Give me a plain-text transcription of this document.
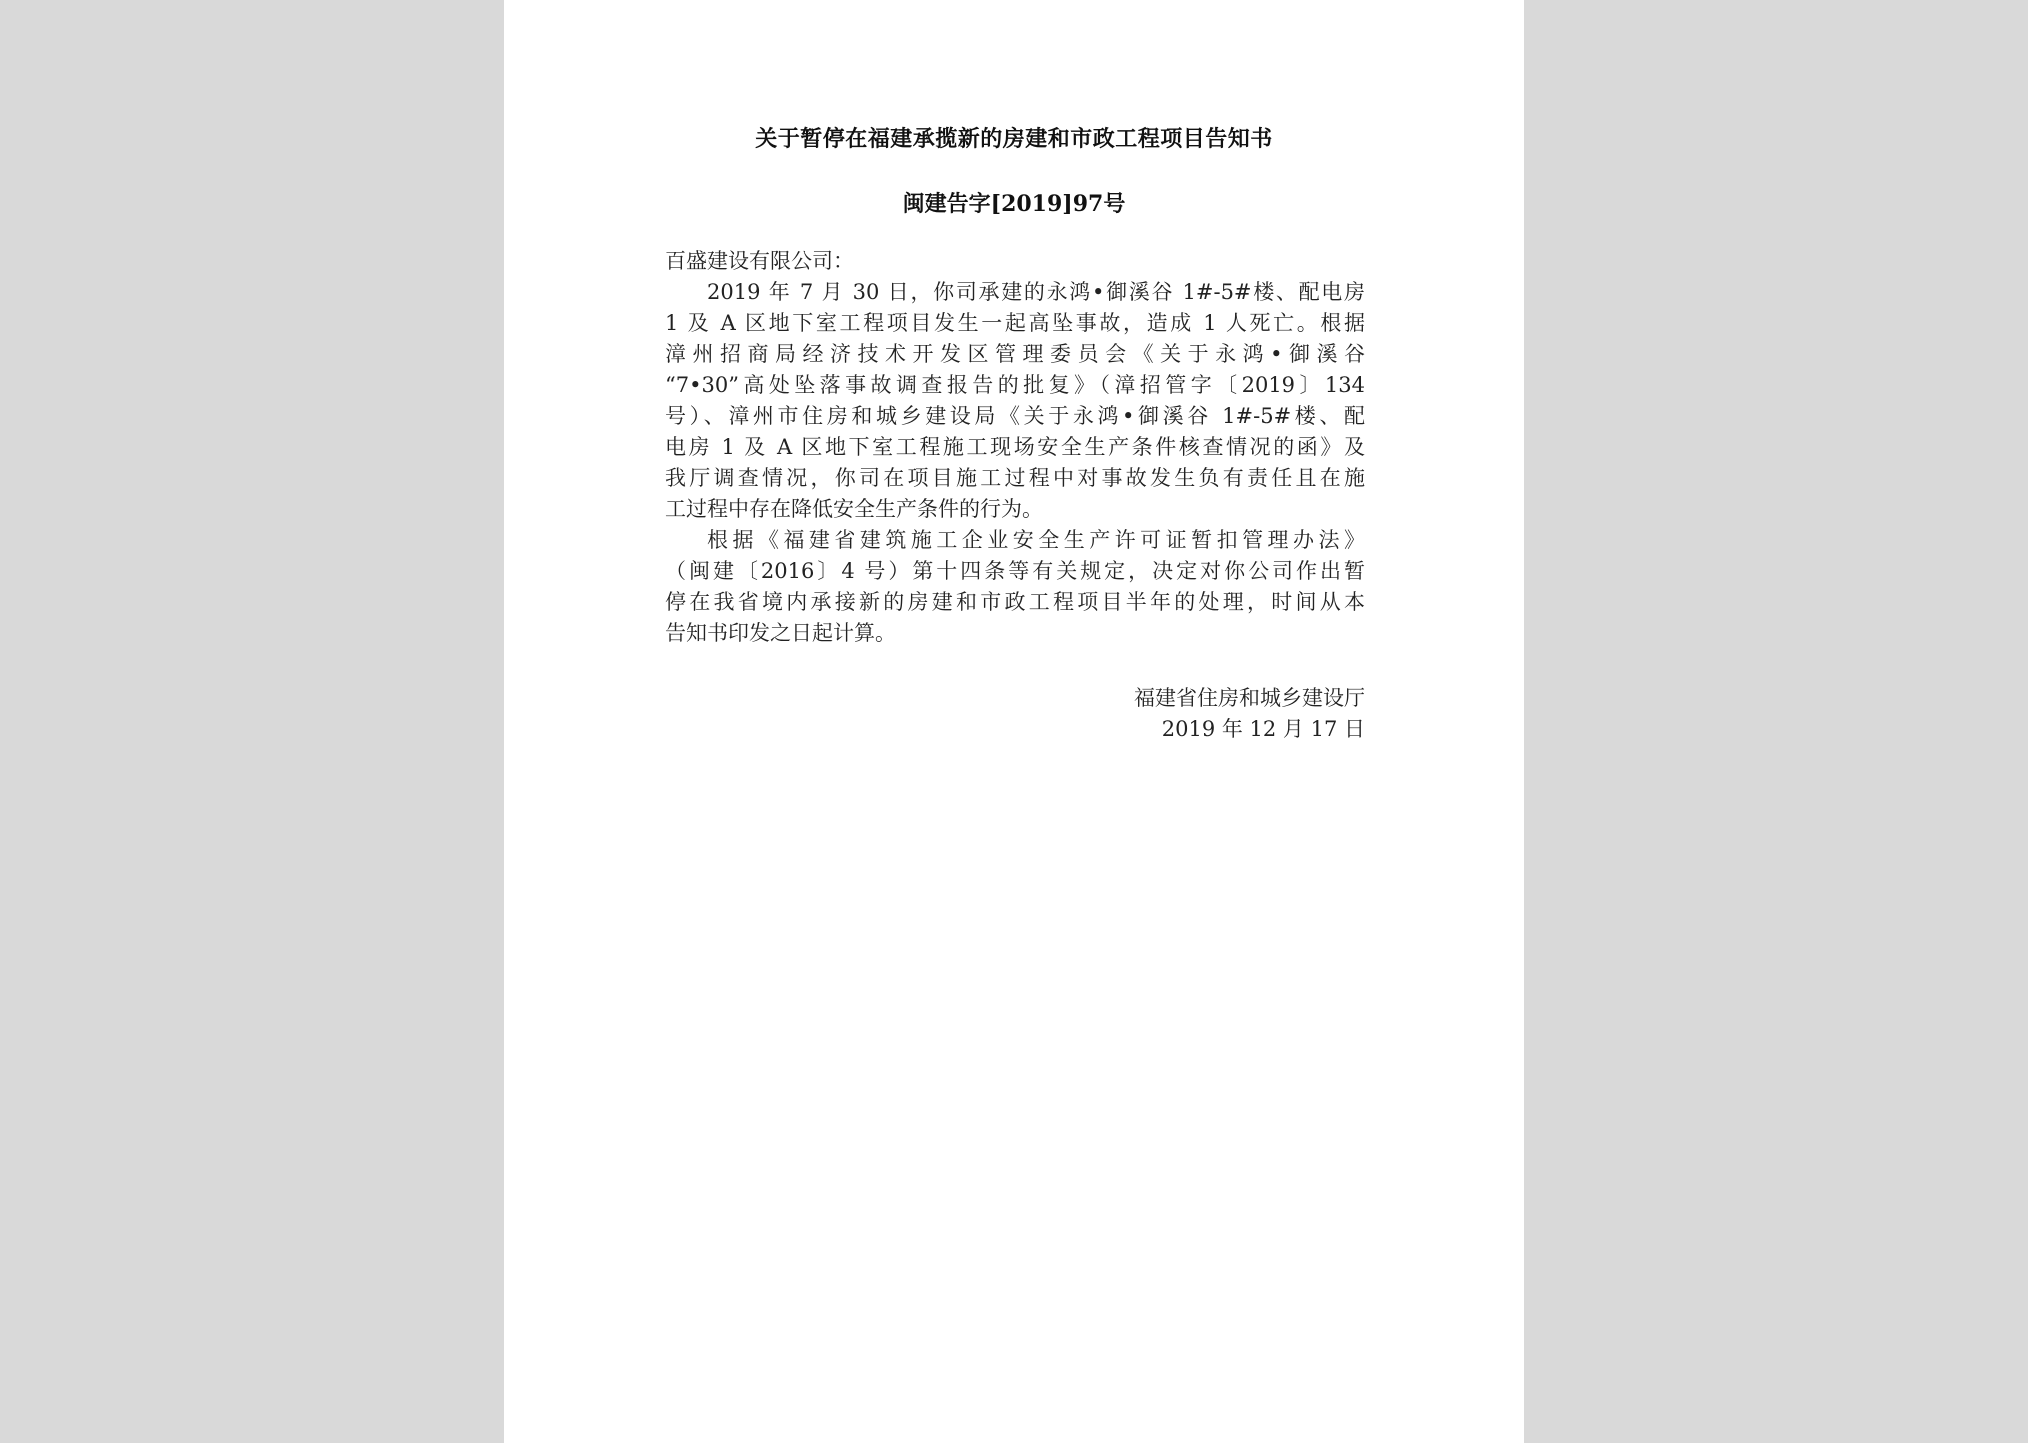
关于暂停在福建承揽新的房建和市政工程项目告知书
闽建告字[2019]97号
百盛建设有限公司：
2019 年 7 月 30 日，你司承建的永鸿•御溪谷 1#-5#楼、配电房
1 及 A 区地下室工程项目发生一起高坠事故，造成 1 人死亡。根据
漳州招商局经济技术开发区管理委员会《关于永鸿•御溪谷
“7•30”高处坠落事故调查报告的批复》（漳招管字〔2019〕134
号）、漳州市住房和城乡建设局《关于永鸿•御溪谷 1#-5#楼、配
电房 1 及 A 区地下室工程施工现场安全生产条件核查情况的函》及
我厅调查情况，你司在项目施工过程中对事故发生负有责任且在施
工过程中存在降低安全生产条件的行为。
根据《福建省建筑施工企业安全生产许可证暂扣管理办法》
（闽建〔2016〕4 号）第十四条等有关规定，决定对你公司作出暂
停在我省境内承接新的房建和市政工程项目半年的处理，时间从本
告知书印发之日起计算。
福建省住房和城乡建设厅
2019 年 12 月 17 日
